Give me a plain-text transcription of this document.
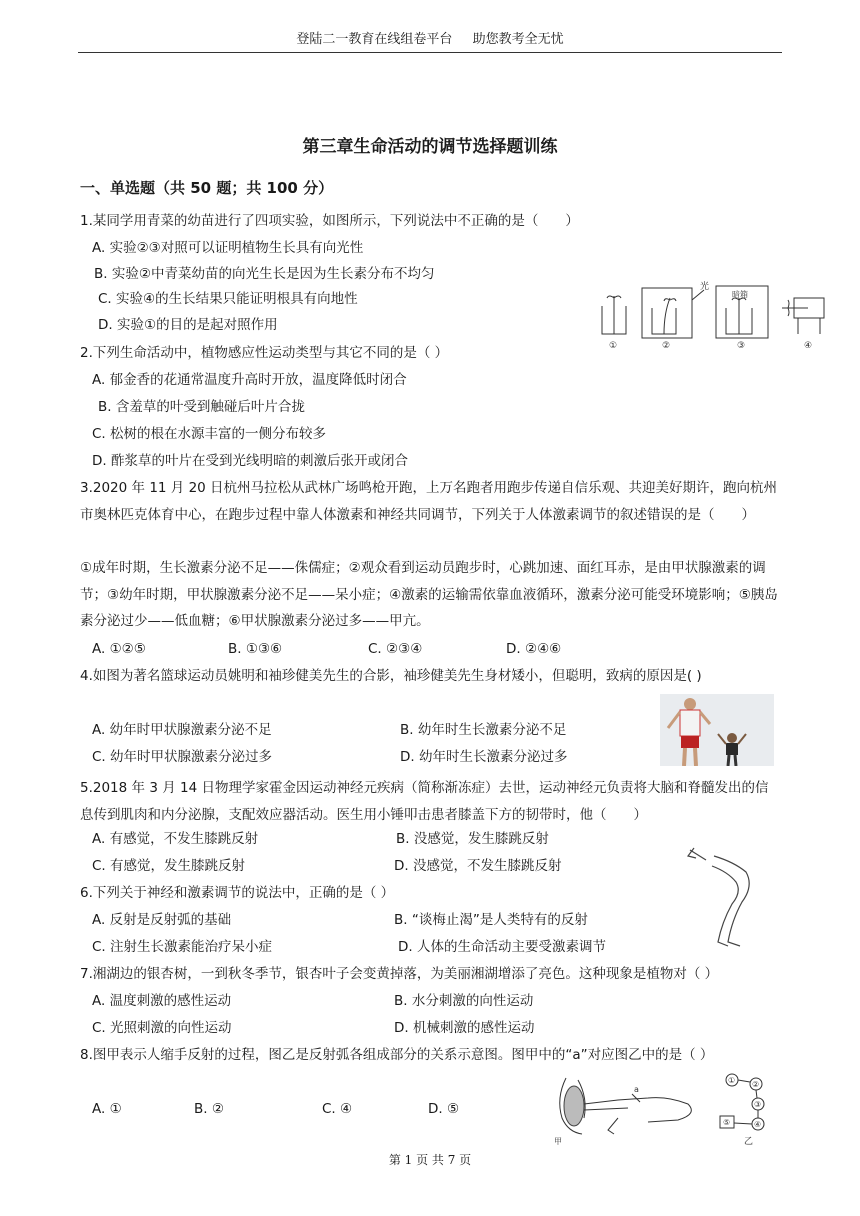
登陆二一教育在线组卷平台 助您教考全无忧
第三章生命活动的调节选择题训练
一、单选题（共 50 题；共 100 分）
1.某同学用青菜的幼苗进行了四项实验，如图所示，下列说法中不正确的是（　　）
A. 实验②③对照可以证明植物生长具有向光性
B. 实验②中青菜幼苗的向光生长是因为生长素分布不均匀
C. 实验④的生长结果只能证明根具有向地性
D. 实验①的目的是起对照作用
光
暗箱
①	②	③	④
2.下列生命活动中，植物感应性运动类型与其它不同的是（ ）
A. 郁金香的花通常温度升高时开放，温度降低时闭合
B. 含羞草的叶受到触碰后叶片合拢
C. 松树的根在水源丰富的一侧分布较多
D. 酢浆草的叶片在受到光线明暗的刺激后张开或闭合
3.2020 年 11 月 20 日杭州马拉松从武林广场鸣枪开跑，上万名跑者用跑步传递自信乐观、共迎美好期许，跑向杭州市奥林匹克体育中心，在跑步过程中靠人体激素和神经共同调节，下列关于人体激素调节的叙述错误的是（　　）
①成年时期，生长激素分泌不足——侏儒症；②观众看到运动员跑步时，心跳加速、面红耳赤，是由甲状腺激素的调节；③幼年时期，甲状腺激素分泌不足——呆小症；④激素的运输需依靠血液循环，激素分泌可能受环境影响；⑤胰岛素分泌过少——低血糖；⑥甲状腺激素分泌过多——甲亢。
A. ①②⑤	B. ①③⑥	C. ②③④	D. ②④⑥
4.如图为著名篮球运动员姚明和袖珍健美先生的合影，袖珍健美先生身材矮小，但聪明，致病的原因是( )
A. 幼年时甲状腺激素分泌不足	B. 幼年时生长激素分泌不足
C. 幼年时甲状腺激素分泌过多	D. 幼年时生长激素分泌过多
5.2018 年 3 月 14 日物理学家霍金因运动神经元疾病（简称渐冻症）去世，运动神经元负责将大脑和脊髓发出的信息传到肌肉和内分泌腺，支配效应器活动。医生用小锤叩击患者膝盖下方的韧带时，他（　　）
A. 有感觉，不发生膝跳反射	B. 没感觉，发生膝跳反射
C. 有感觉，发生膝跳反射	D. 没感觉，不发生膝跳反射
6.下列关于神经和激素调节的说法中，正确的是（ ）
A. 反射是反射弧的基础	B. “谈梅止渴”是人类特有的反射
C. 注射生长激素能治疗呆小症	D. 人体的生命活动主要受激素调节
7.湘湖边的银杏树，一到秋冬季节，银杏叶子会变黄掉落，为美丽湘湖增添了亮色。这种现象是植物对（ ）
A. 温度刺激的感性运动	B. 水分刺激的向性运动
C. 光照刺激的向性运动	D. 机械刺激的感性运动
8.图甲表示人缩手反射的过程，图乙是反射弧各组成部分的关系示意图。图甲中的“a”对应图乙中的是（ ）
A. ①	B. ②	C. ④	D. ⑤
a
① ②
③
④
⑤
甲	乙
第 1 页 共 7 页
